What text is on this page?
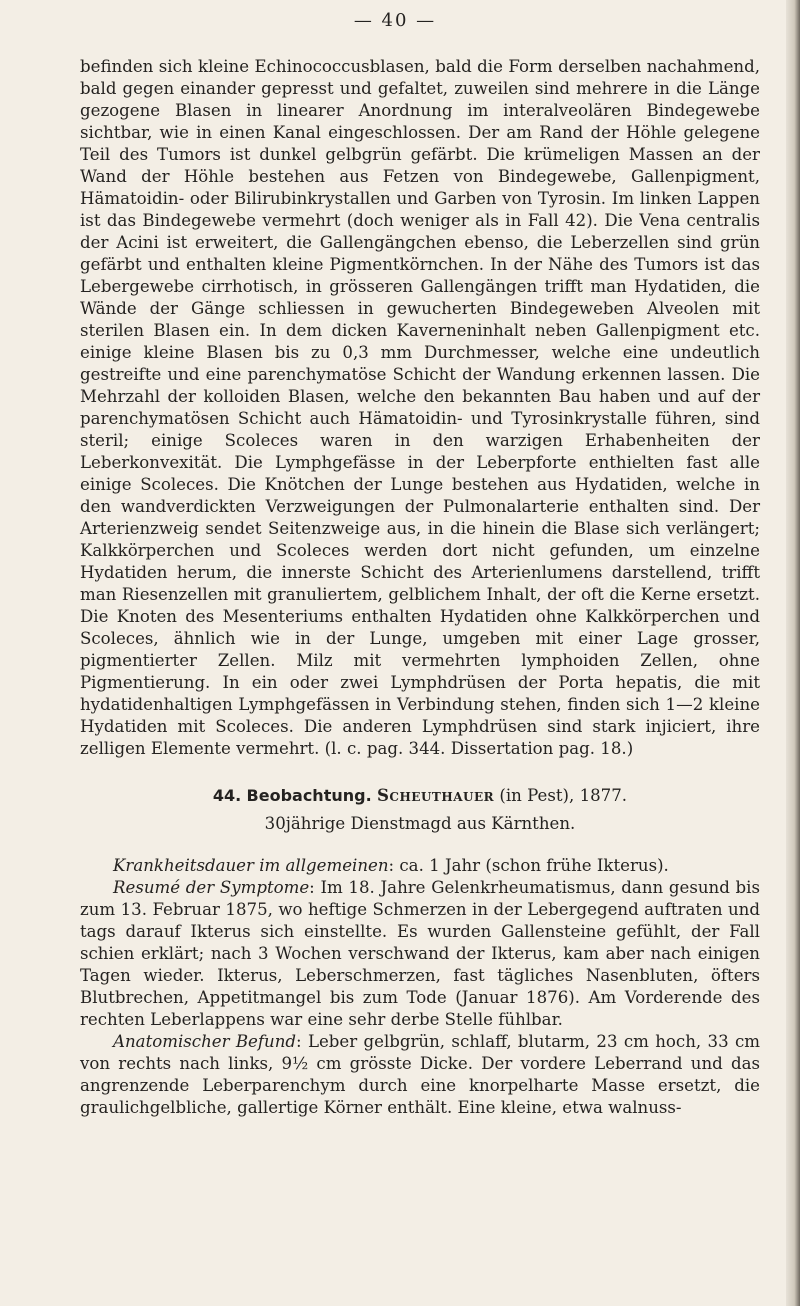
— 40 —

befinden sich kleine Echinococcusblasen, bald die Form derselben nachahmend, bald gegen einander gepresst und gefaltet, zuweilen sind mehrere in die Länge gezogene Blasen in linearer Anordnung im interalveolären Bindegewebe sichtbar, wie in einen Kanal eingeschlossen. Der am Rand der Höhle gelegene Teil des Tumors ist dunkel gelbgrün gefärbt. Die krümeligen Massen an der Wand der Höhle bestehen aus Fetzen von Bindegewebe, Gallenpigment, Hämatoidin- oder Bilirubinkrystallen und Garben von Tyrosin. Im linken Lappen ist das Bindegewebe vermehrt (doch weniger als in Fall 42). Die Vena centralis der Acini ist erweitert, die Gallengängchen ebenso, die Leberzellen sind grün gefärbt und enthalten kleine Pigmentkörnchen. In der Nähe des Tumors ist das Lebergewebe cirrhotisch, in grösseren Gallengängen trifft man Hydatiden, die Wände der Gänge schliessen in gewucherten Bindegeweben Alveolen mit sterilen Blasen ein. In dem dicken Kaverneninhalt neben Gallenpigment etc. einige kleine Blasen bis zu 0,3 mm Durchmesser, welche eine undeutlich gestreifte und eine parenchymatöse Schicht der Wandung erkennen lassen. Die Mehrzahl der kolloiden Blasen, welche den bekannten Bau haben und auf der parenchymatösen Schicht auch Hämatoidin- und Tyrosinkrystalle führen, sind steril; einige Scoleces waren in den warzigen Erhabenheiten der Leberkonvexität. Die Lymphgefässe in der Leberpforte enthielten fast alle einige Scoleces. Die Knötchen der Lunge bestehen aus Hydatiden, welche in den wandverdickten Verzweigungen der Pulmonalarterie enthalten sind. Der Arterienzweig sendet Seitenzweige aus, in die hinein die Blase sich verlängert; Kalkkörperchen und Scoleces werden dort nicht gefunden, um einzelne Hydatiden herum, die innerste Schicht des Arterienlumens darstellend, trifft man Riesenzellen mit granuliertem, gelblichem Inhalt, der oft die Kerne ersetzt. Die Knoten des Mesenteriums enthalten Hydatiden ohne Kalkkörperchen und Scoleces, ähnlich wie in der Lunge, umgeben mit einer Lage grosser, pigmentierter Zellen. Milz mit vermehrten lymphoiden Zellen, ohne Pigmentierung. In ein oder zwei Lymphdrüsen der Porta hepatis, die mit hydatidenhaltigen Lymphgefässen in Verbindung stehen, finden sich 1—2 kleine Hydatiden mit Scoleces. Die anderen Lymphdrüsen sind stark injiciert, ihre zelligen Elemente vermehrt. (l. c. pag. 344. Dissertation pag. 18.)

44. Beobachtung. Scheuthauer (in Pest), 1877.

30jährige Dienstmagd aus Kärnthen.

Krankheitsdauer im allgemeinen: ca. 1 Jahr (schon frühe Ikterus).

Resumé der Symptome: Im 18. Jahre Gelenkrheumatismus, dann gesund bis zum 13. Februar 1875, wo heftige Schmerzen in der Lebergegend auftraten und tags darauf Ikterus sich einstellte. Es wurden Gallensteine gefühlt, der Fall schien erklärt; nach 3 Wochen verschwand der Ikterus, kam aber nach einigen Tagen wieder. Ikterus, Leberschmerzen, fast tägliches Nasenbluten, öfters Blutbrechen, Appetitmangel bis zum Tode (Januar 1876). Am Vorderende des rechten Leberlappens war eine sehr derbe Stelle fühlbar.

Anatomischer Befund: Leber gelbgrün, schlaff, blutarm, 23 cm hoch, 33 cm von rechts nach links, 9½ cm grösste Dicke. Der vordere Leberrand und das angrenzende Leberparenchym durch eine knorpelharte Masse ersetzt, die graulichgelbliche, gallertige Körner enthält. Eine kleine, etwa walnuss-
